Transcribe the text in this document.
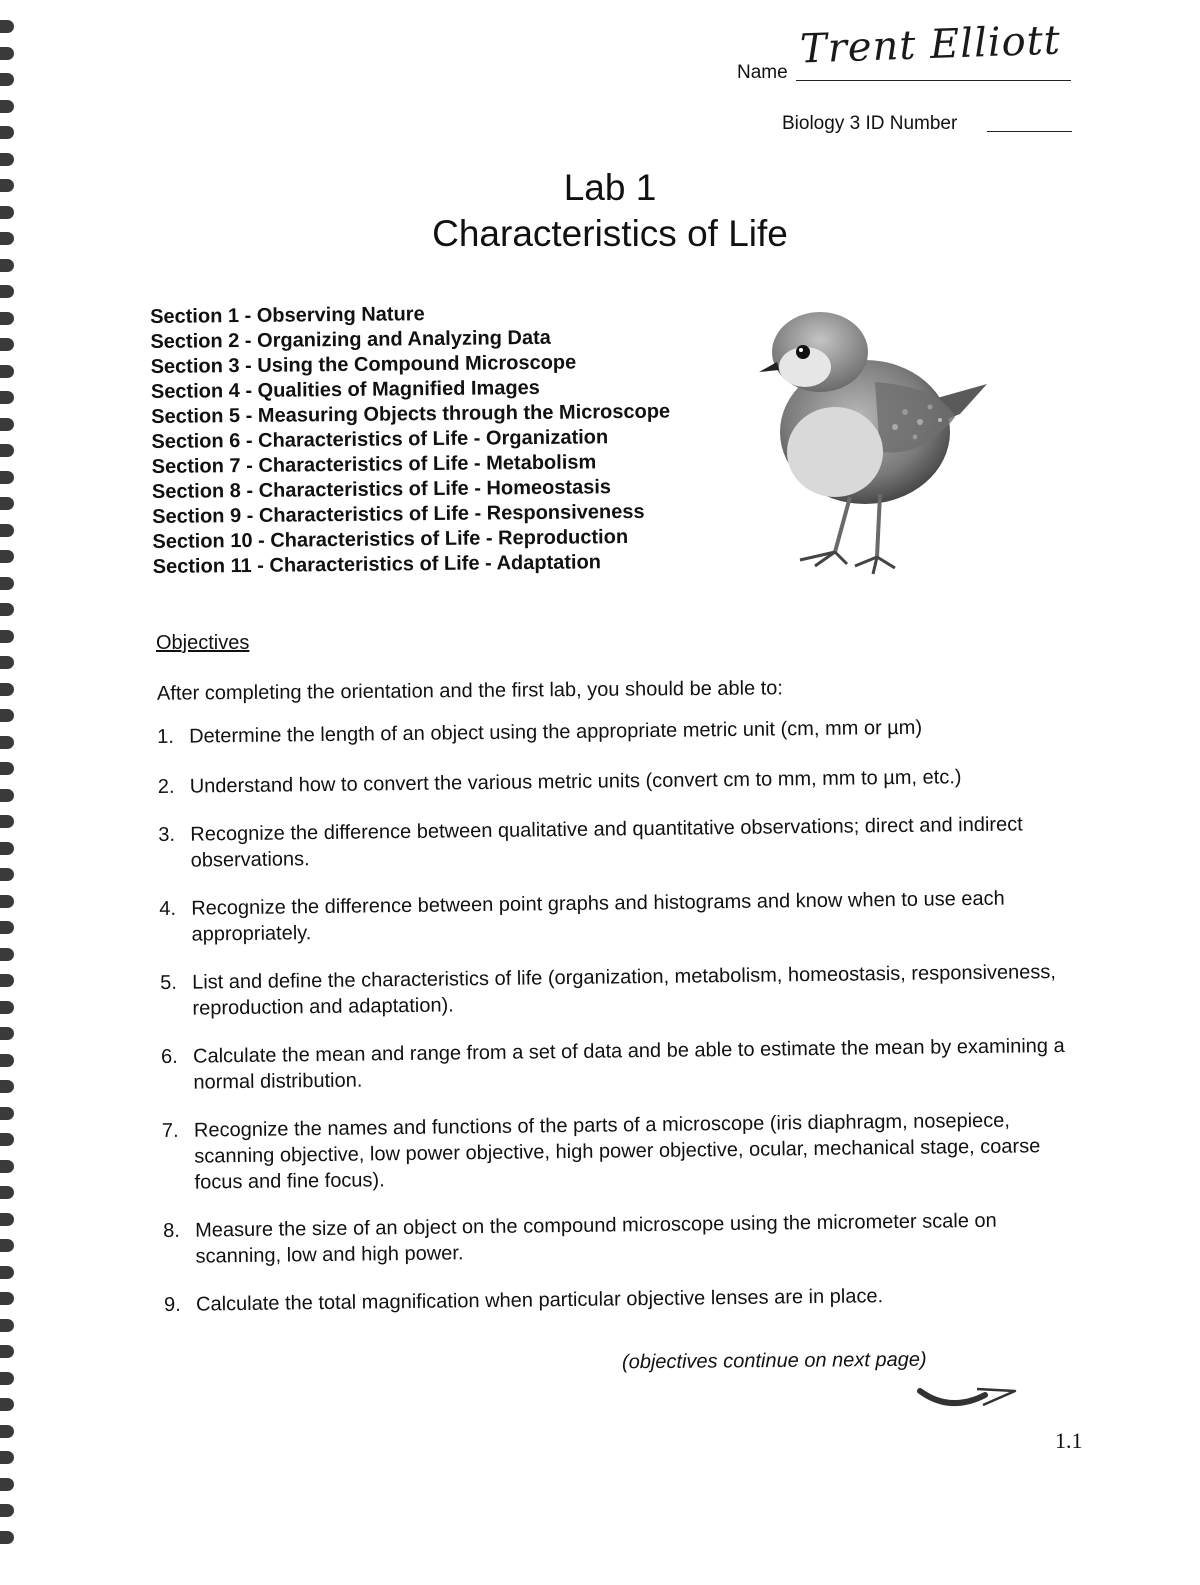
Name Trent Elliott
Biology 3 ID Number
Lab 1
Characteristics of Life
Section 1 - Observing Nature
Section 2 - Organizing and Analyzing Data
Section 3 - Using the Compound Microscope
Section 4 - Qualities of Magnified Images
Section 5 - Measuring Objects through the Microscope
Section 6 - Characteristics of Life - Organization
Section 7 - Characteristics of Life - Metabolism
Section 8 - Characteristics of Life - Homeostasis
Section 9 - Characteristics of Life - Responsiveness
Section 10 - Characteristics of Life - Reproduction
Section 11 - Characteristics of Life - Adaptation
Objectives
After completing the orientation and the first lab, you should be able to:
1. Determine the length of an object using the appropriate metric unit (cm, mm or µm)
2. Understand how to convert the various metric units (convert cm to mm, mm to µm, etc.)
3. Recognize the difference between qualitative and quantitative observations; direct and indirect observations.
4. Recognize the difference between point graphs and histograms and know when to use each appropriately.
5. List and define the characteristics of life (organization, metabolism, homeostasis, responsiveness, reproduction and adaptation).
6. Calculate the mean and range from a set of data and be able to estimate the mean by examining a normal distribution.
7. Recognize the names and functions of the parts of a microscope (iris diaphragm, nosepiece, scanning objective, low power objective, high power objective, ocular, mechanical stage, coarse focus and fine focus).
8. Measure the size of an object on the compound microscope using the micrometer scale on scanning, low and high power.
9. Calculate the total magnification when particular objective lenses are in place.
(objectives continue on next page)
1.1
